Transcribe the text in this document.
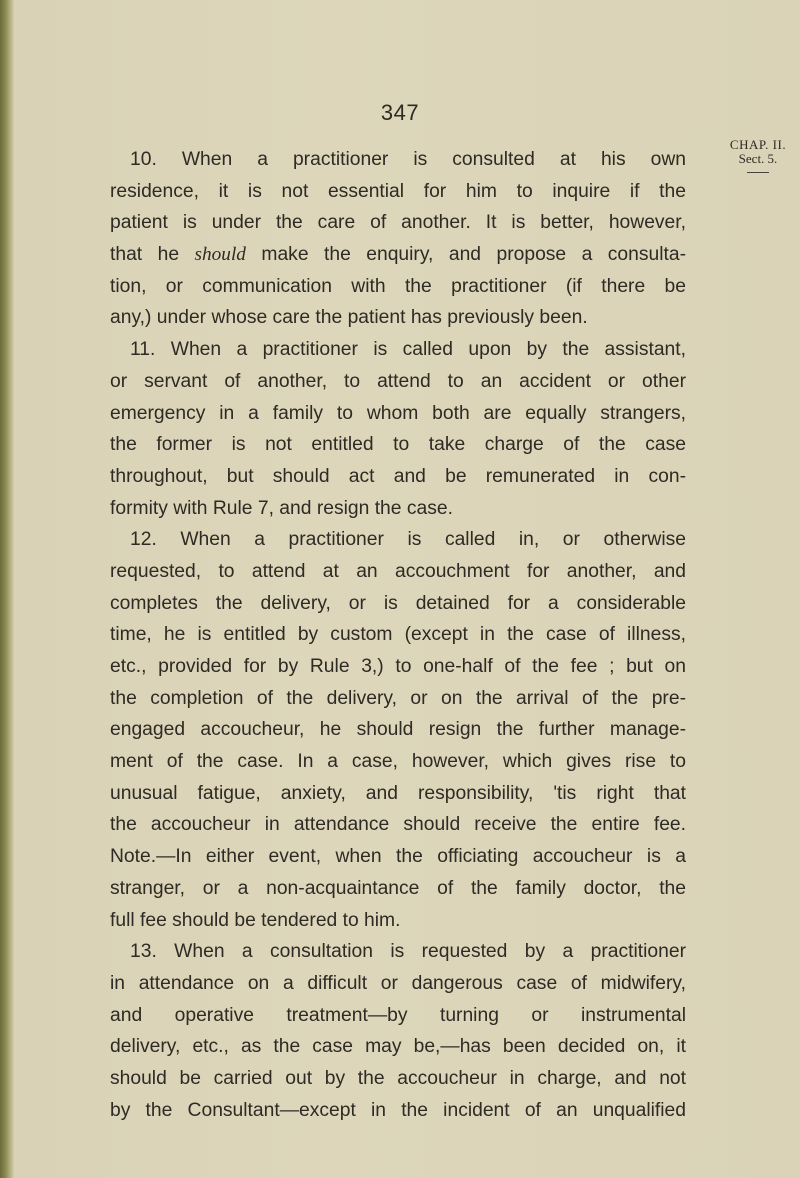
347
CHAP. II.
Sect. 5.
10. When a practitioner is consulted at his own
residence, it is not essential for him to inquire if the
patient is under the care of another. It is better, however,
that he should make the enquiry, and propose a consulta-
tion, or communication with the practitioner (if there be
any,) under whose care the patient has previously been.
11. When a practitioner is called upon by the assistant,
or servant of another, to attend to an accident or other
emergency in a family to whom both are equally strangers,
the former is not entitled to take charge of the case
throughout, but should act and be remunerated in con-
formity with Rule 7, and resign the case.
12. When a practitioner is called in, or otherwise
requested, to attend at an accouchment for another, and
completes the delivery, or is detained for a considerable
time, he is entitled by custom (except in the case of illness,
etc., provided for by Rule 3,) to one-half of the fee ; but on
the completion of the delivery, or on the arrival of the pre-
engaged accoucheur, he should resign the further manage-
ment of the case. In a case, however, which gives rise to
unusual fatigue, anxiety, and responsibility, 'tis right that
the accoucheur in attendance should receive the entire fee.
Note.—In either event, when the officiating accoucheur is a
stranger, or a non-acquaintance of the family doctor, the
full fee should be tendered to him.
13. When a consultation is requested by a practitioner
in attendance on a difficult or dangerous case of midwifery,
and operative treatment—by turning or instrumental
delivery, etc., as the case may be,—has been decided on, it
should be carried out by the accoucheur in charge, and not
by the Consultant—except in the incident of an unqualified
